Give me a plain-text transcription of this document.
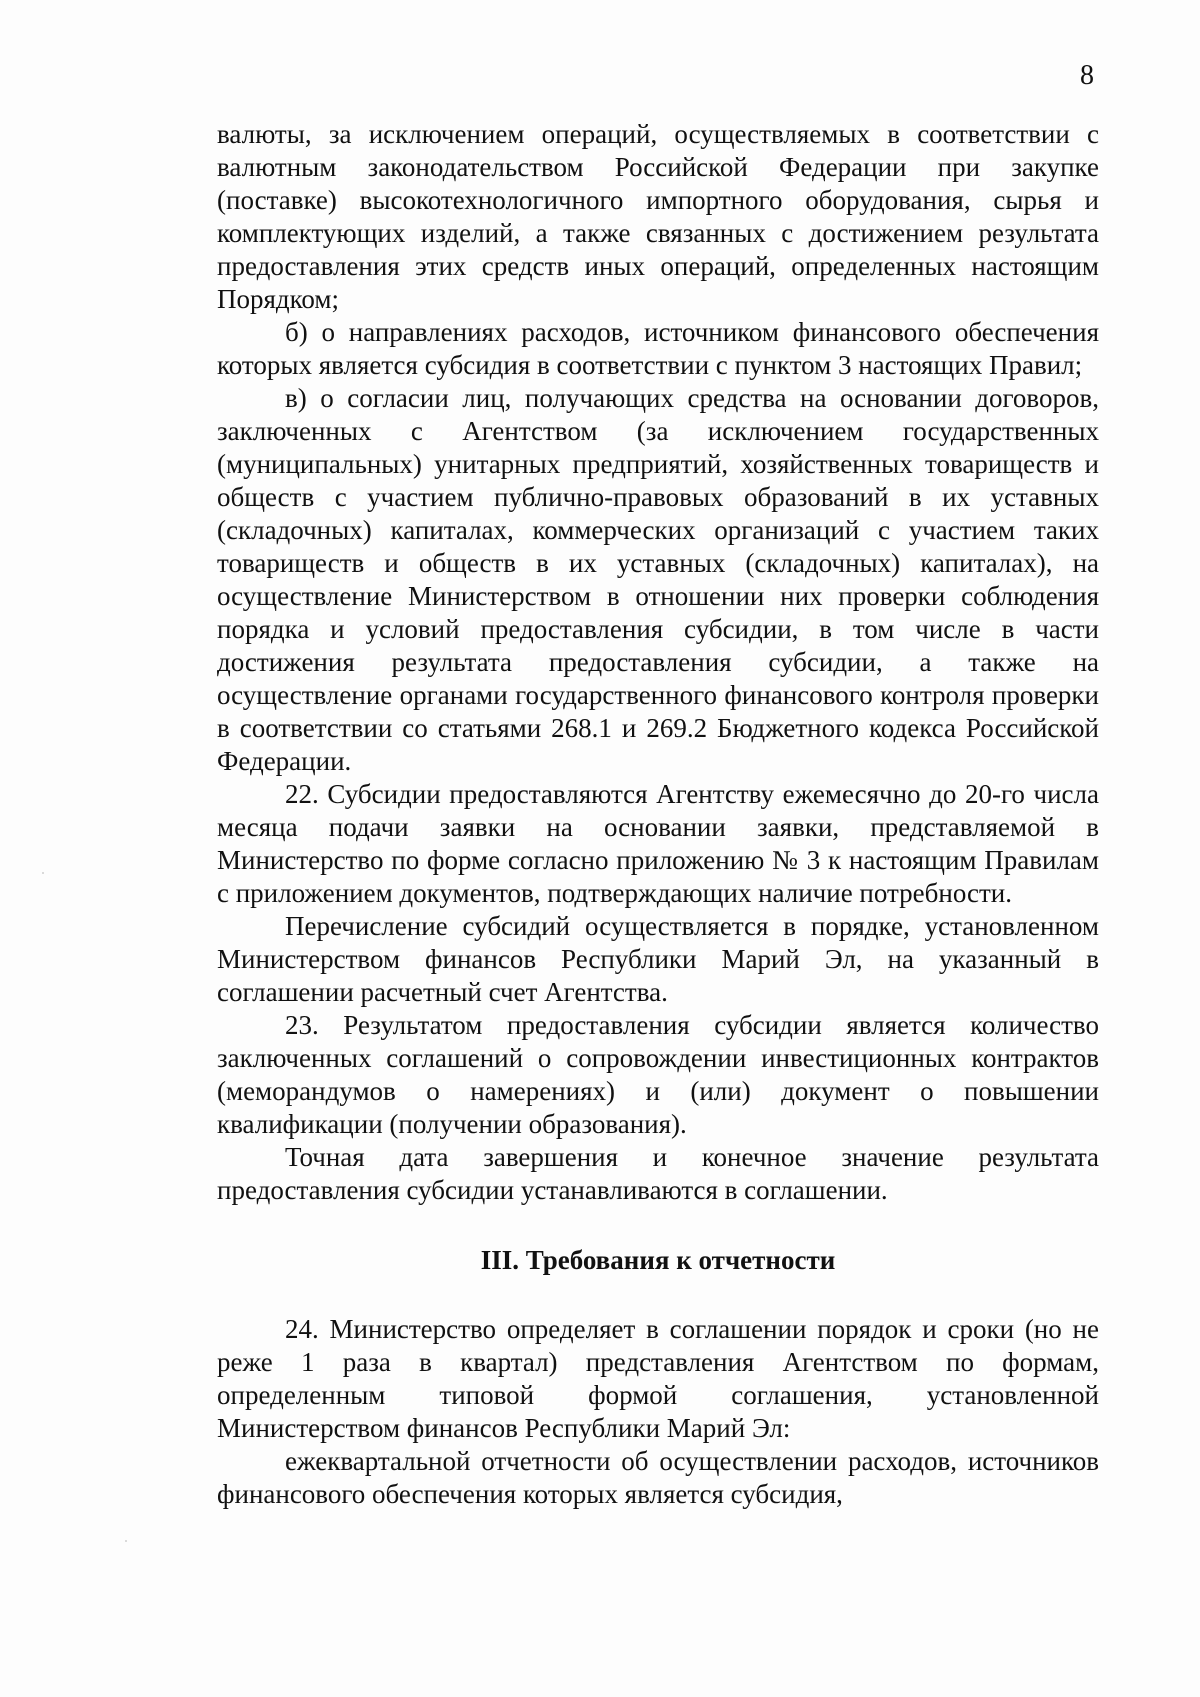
8

валюты, за исключением операций, осуществляемых в соответствии с валютным законодательством Российской Федерации при закупке (поставке) высокотехнологичного импортного оборудования, сырья и комплектующих изделий, а также связанных с достижением результата предоставления этих средств иных операций, определенных настоящим Порядком;

б) о направлениях расходов, источником финансового обеспечения которых является субсидия в соответствии с пунктом 3 настоящих Правил;

в) о согласии лиц, получающих средства на основании договоров, заключенных с Агентством (за исключением государственных (муниципальных) унитарных предприятий, хозяйственных товариществ и обществ с участием публично-правовых образований в их уставных (складочных) капиталах, коммерческих организаций с участием таких товариществ и обществ в их уставных (складочных) капиталах), на осуществление Министерством в отношении них проверки соблюдения порядка и условий предоставления субсидии, в том числе в части достижения результата предоставления субсидии, а также на осуществление органами государственного финансового контроля проверки в соответствии со статьями 268.1 и 269.2 Бюджетного кодекса Российской Федерации.

22. Субсидии предоставляются Агентству ежемесячно до 20-го числа месяца подачи заявки на основании заявки, представляемой в Министерство по форме согласно приложению № 3 к настоящим Правилам с приложением документов, подтверждающих наличие потребности.

Перечисление субсидий осуществляется в порядке, установленном Министерством финансов Республики Марий Эл, на указанный в соглашении расчетный счет Агентства.

23. Результатом предоставления субсидии является количество заключенных соглашений о сопровождении инвестиционных контрактов (меморандумов о намерениях) и (или) документ о повышении квалификации (получении образования).

Точная дата завершения и конечное значение результата предоставления субсидии устанавливаются в соглашении.

III. Требования к отчетности

24. Министерство определяет в соглашении порядок и сроки (но не реже 1 раза в квартал) представления Агентством по формам, определенным типовой формой соглашения, установленной Министерством финансов Республики Марий Эл:

ежеквартальной отчетности об осуществлении расходов, источников финансового обеспечения которых является субсидия,
